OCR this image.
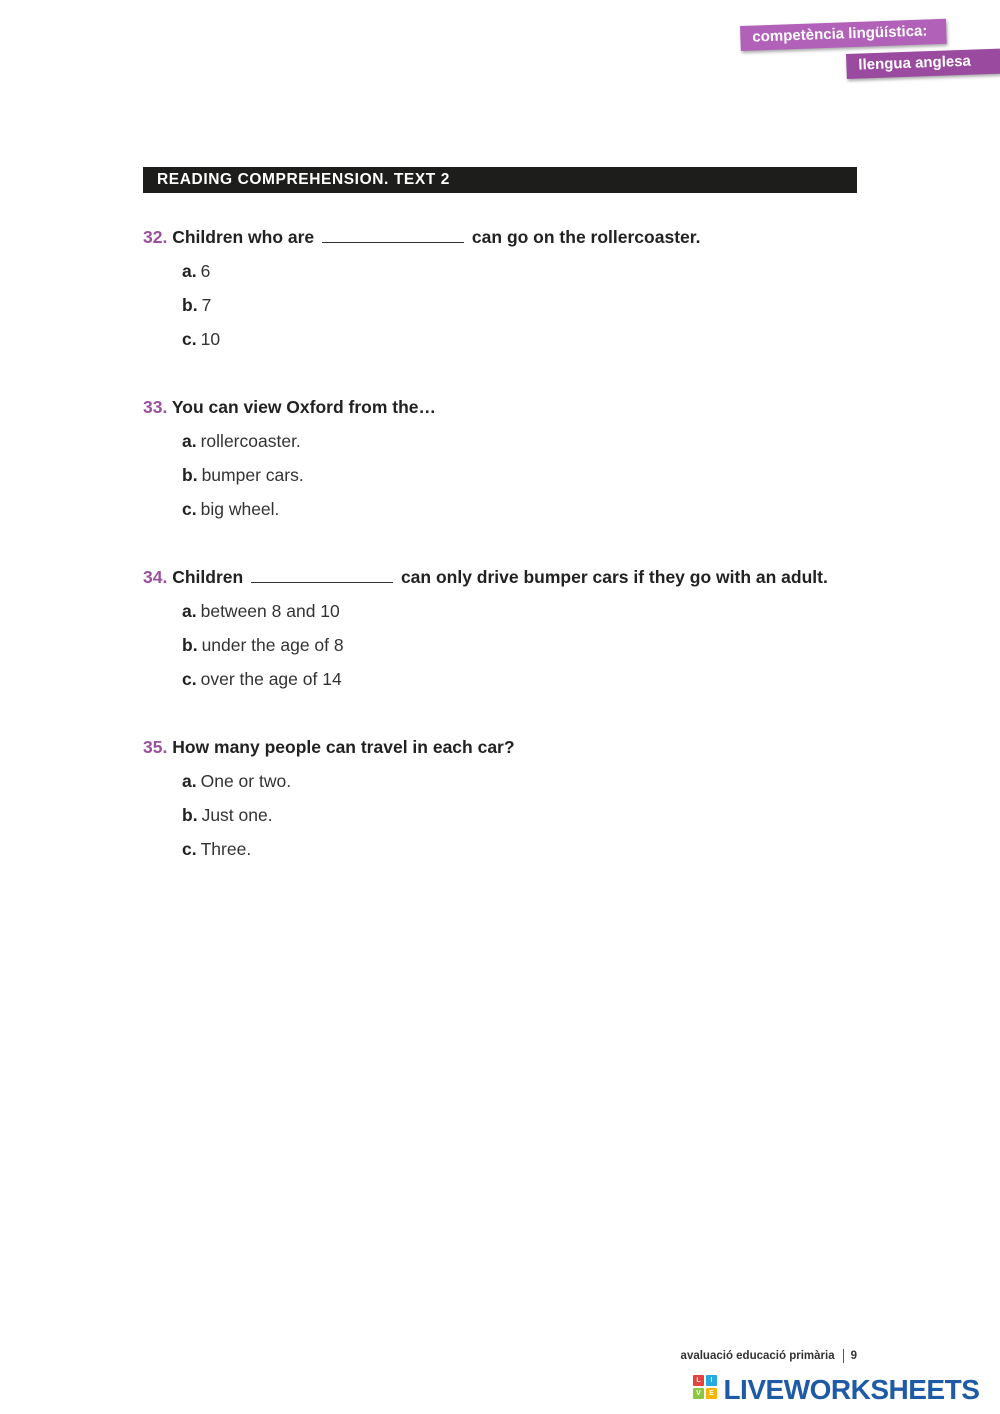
competència lingüística:
llengua anglesa
READING COMPREHENSION. TEXT 2
32. Children who are	can go on the rollercoaster.
a. 6
b. 7
c. 10
33. You can view Oxford from the…
a. rollercoaster.
b. bumper cars.
c. big wheel.
34. Children	can only drive bumper cars if they go with an adult.
a. between 8 and 10
b. under the age of 8
c. over the age of 14
35. How many people can travel in each car?
a. One or two.
b. Just one.
c. Three.
avaluació educació primària 9
L	I
V	E LIVEWORKSHEETS
